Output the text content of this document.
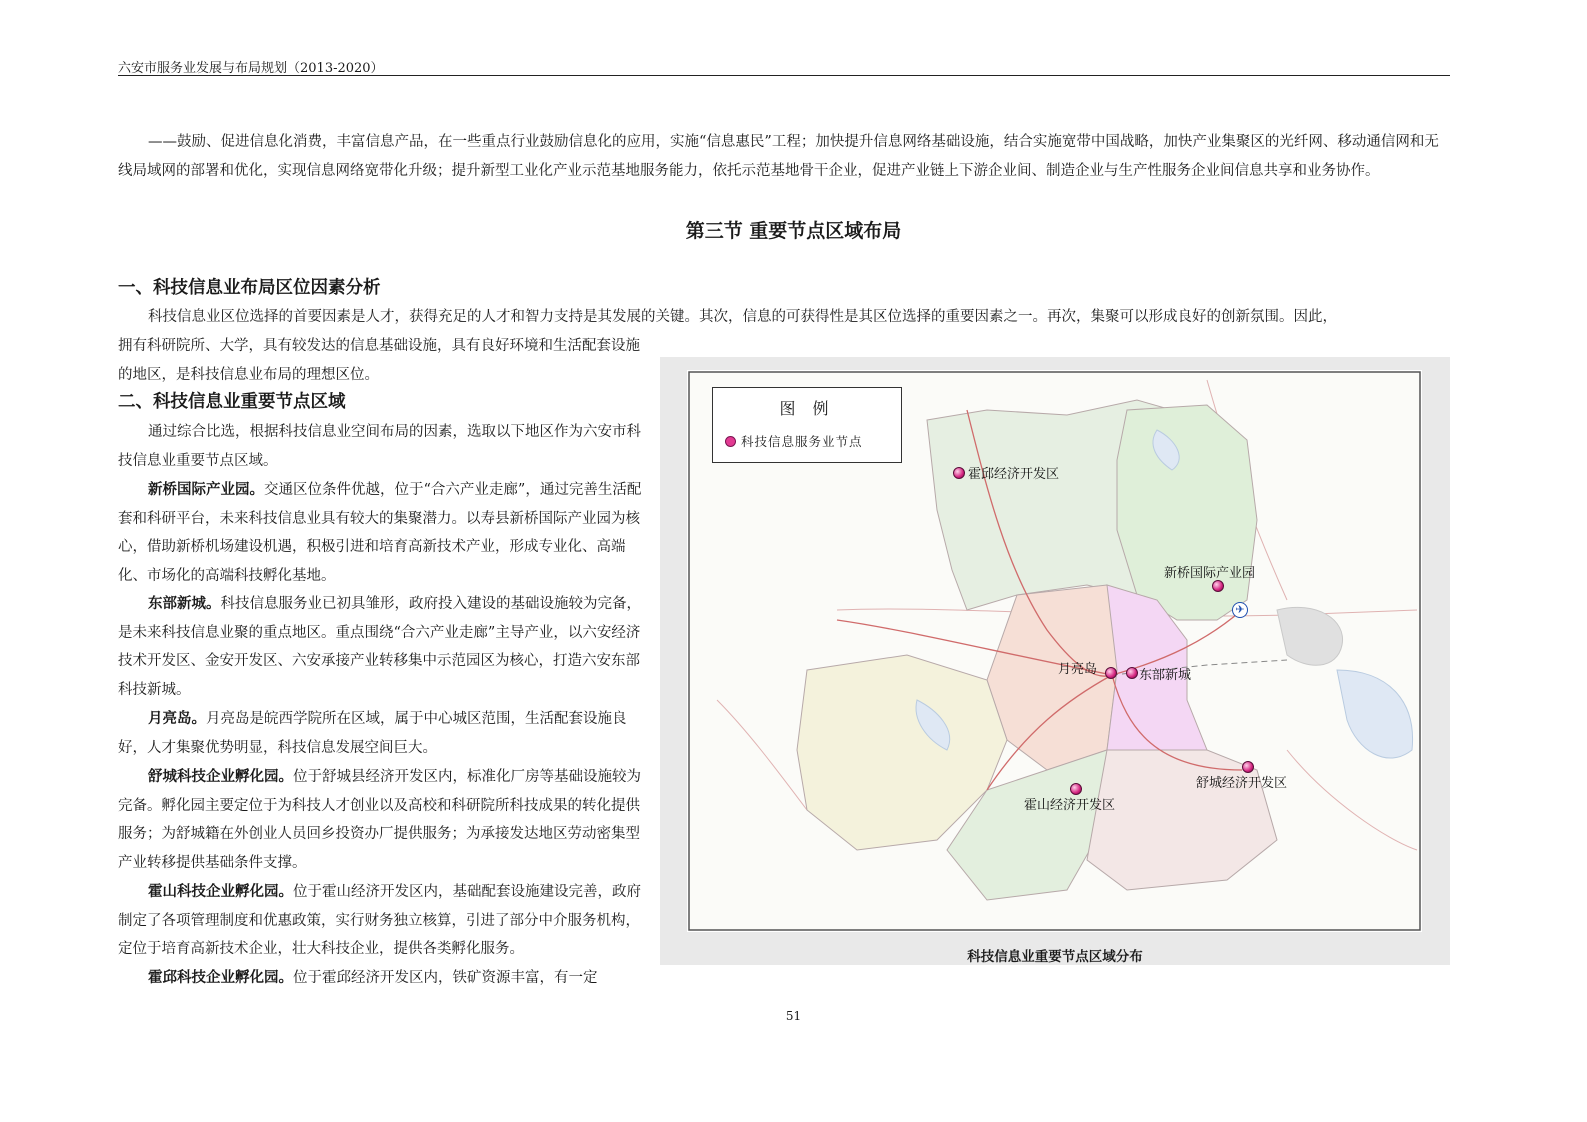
六安市服务业发展与布局规划（2013-2020）
——鼓励、促进信息化消费，丰富信息产品，在一些重点行业鼓励信息化的应用，实施“信息惠民”工程；加快提升信息网络基础设施，结合实施宽带中国战略，加快产业集聚区的光纤网、移动通信网和无线局域网的部署和优化，实现信息网络宽带化升级；提升新型工业化产业示范基地服务能力，依托示范基地骨干企业，促进产业链上下游企业间、制造企业与生产性服务企业间信息共享和业务协作。
第三节 重要节点区域布局
一、科技信息业布局区位因素分析
科技信息业区位选择的首要因素是人才，获得充足的人才和智力支持是其发展的关键。其次，信息的可获得性是其区位选择的重要因素之一。再次，集聚可以形成良好的创新氛围。因此，
拥有科研院所、大学，具有较发达的信息基础设施，具有良好环境和生活配套设施的地区，是科技信息业布局的理想区位。
二、科技信息业重要节点区域
通过综合比选，根据科技信息业空间布局的因素，选取以下地区作为六安市科技信息业重要节点区域。
新桥国际产业园。交通区位条件优越，位于“合六产业走廊”，通过完善生活配套和科研平台，未来科技信息业具有较大的集聚潜力。以寿县新桥国际产业园为核心，借助新桥机场建设机遇，积极引进和培育高新技术产业，形成专业化、高端化、市场化的高端科技孵化基地。
东部新城。科技信息服务业已初具雏形，政府投入建设的基础设施较为完备，是未来科技信息业聚的重点地区。重点围绕“合六产业走廊”主导产业，以六安经济技术开发区、金安开发区、六安承接产业转移集中示范园区为核心，打造六安东部科技新城。
月亮岛。月亮岛是皖西学院所在区域，属于中心城区范围，生活配套设施良好，人才集聚优势明显，科技信息发展空间巨大。
舒城科技企业孵化园。位于舒城县经济开发区内，标准化厂房等基础设施较为完备。孵化园主要定位于为科技人才创业以及高校和科研院所科技成果的转化提供服务；为舒城籍在外创业人员回乡投资办厂提供服务；为承接发达地区劳动密集型产业转移提供基础条件支撑。
霍山科技企业孵化园。位于霍山经济开发区内，基础配套设施建设完善，政府制定了各项管理制度和优惠政策，实行财务独立核算，引进了部分中介服务机构，定位于培育高新技术企业，壮大科技企业，提供各类孵化服务。
霍邱科技企业孵化园。位于霍邱经济开发区内，铁矿资源丰富，有一定
图 例
科技信息服务业节点
霍邱经济开发区
新桥国际产业园
✈
月亮岛	东部新城
舒城经济开发区
霍山经济开发区
科技信息业重要节点区域分布
51
